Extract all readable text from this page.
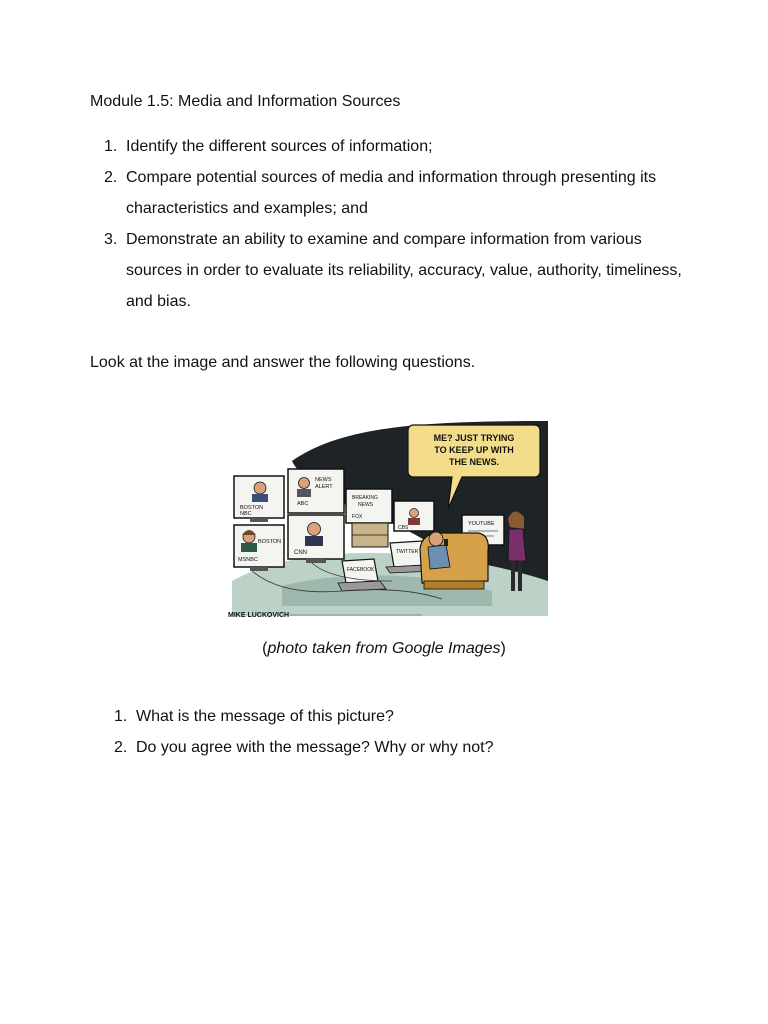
Module 1.5: Media and Information Sources
1. Identify the different sources of information;
2. Compare potential sources of media and information through presenting its characteristics and examples; and
3. Demonstrate an ability to examine and compare information from various sources in order to evaluate its reliability, accuracy, value, authority, timeliness, and bias.

Look at the image and answer the following questions.

ME? JUST TRYING
TO KEEP UP WITH
THE NEWS.
BOSTON
NBC
NEWS
ALERT
ABC
BREAKING
NEWS
FOX
CBS
YOUTUBE
BOSTON
MSNBC
CNN	TWITTER
FACEBOOK
MIKE LUCKOVICH

(photo taken from Google Images)

1. What is the message of this picture?
2. Do you agree with the message? Why or why not?
